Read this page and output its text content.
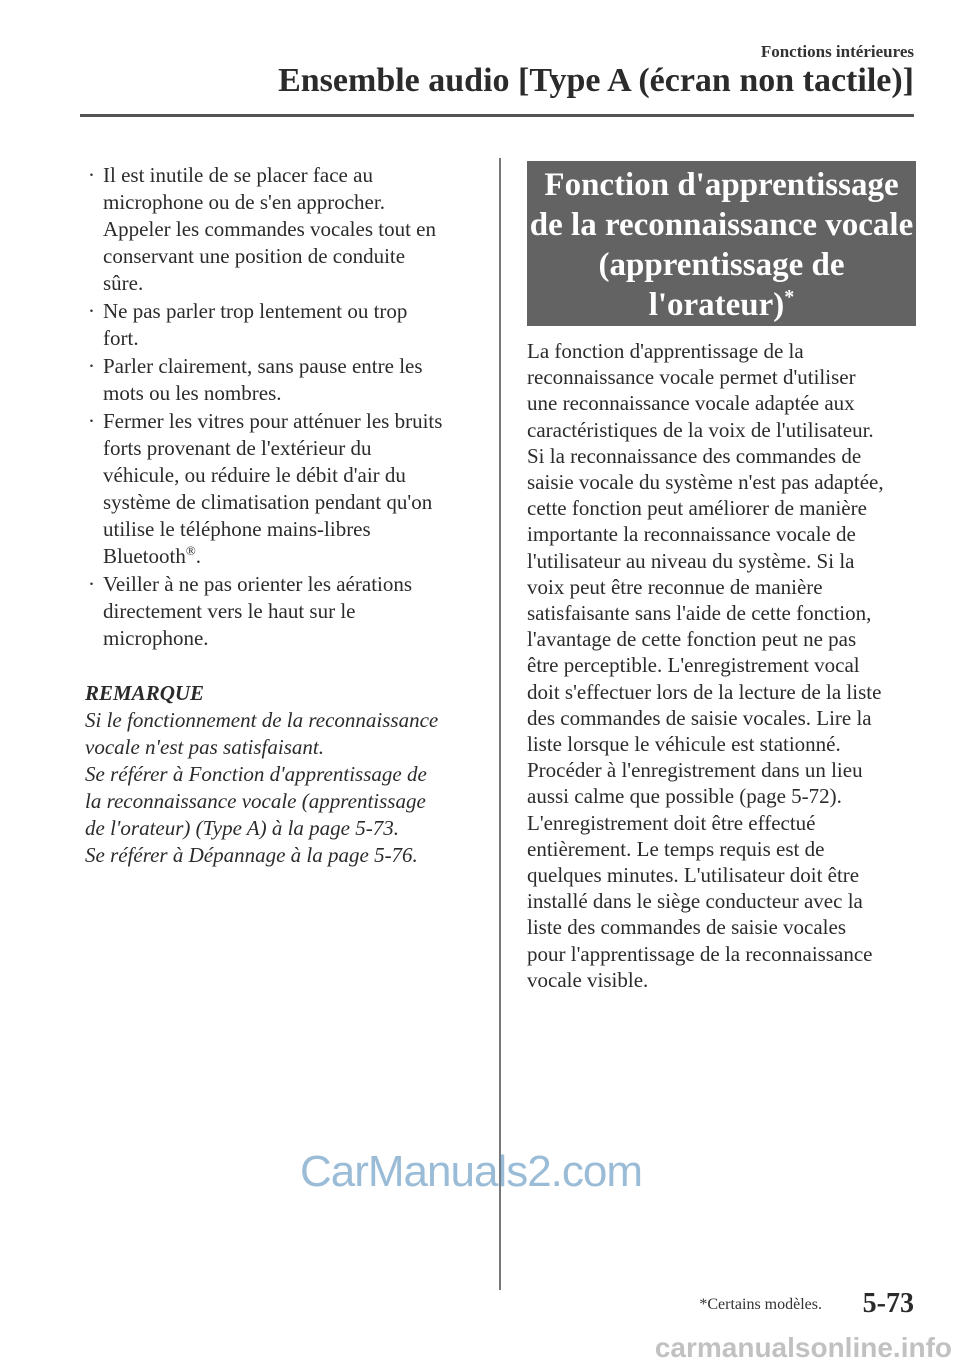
Fonctions intérieures
Ensemble audio [Type A (écran non tactile)]
· Il est inutile de se placer face au
microphone ou de s'en approcher.
Appeler les commandes vocales tout en
conservant une position de conduite
sûre.
· Ne pas parler trop lentement ou trop
fort.
· Parler clairement, sans pause entre les
mots ou les nombres.
· Fermer les vitres pour atténuer les bruits
forts provenant de l'extérieur du
véhicule, ou réduire le débit d'air du
système de climatisation pendant qu'on
utilise le téléphone mains-libres
Bluetooth®.
· Veiller à ne pas orienter les aérations
directement vers le haut sur le
microphone.
REMARQUE
Si le fonctionnement de la reconnaissance
vocale n'est pas satisfaisant.
Se référer à Fonction d'apprentissage de
la reconnaissance vocale (apprentissage
de l'orateur) (Type A) à la page 5-73.
Se référer à Dépannage à la page 5-76.
Fonction d'apprentissage
de la reconnaissance vocale
(apprentissage de
l'orateur)*
La fonction d'apprentissage de la
reconnaissance vocale permet d'utiliser
une reconnaissance vocale adaptée aux
caractéristiques de la voix de l'utilisateur.
Si la reconnaissance des commandes de
saisie vocale du système n'est pas adaptée,
cette fonction peut améliorer de manière
importante la reconnaissance vocale de
l'utilisateur au niveau du système. Si la
voix peut être reconnue de manière
satisfaisante sans l'aide de cette fonction,
l'avantage de cette fonction peut ne pas
être perceptible. L'enregistrement vocal
doit s'effectuer lors de la lecture de la liste
des commandes de saisie vocales. Lire la
liste lorsque le véhicule est stationné.
Procéder à l'enregistrement dans un lieu
aussi calme que possible (page 5-72).
L'enregistrement doit être effectué
entièrement. Le temps requis est de
quelques minutes. L'utilisateur doit être
installé dans le siège conducteur avec la
liste des commandes de saisie vocales
pour l'apprentissage de la reconnaissance
vocale visible.
CarManuals2.com
*Certains modèles. 5-73
carmanualsonline.info
